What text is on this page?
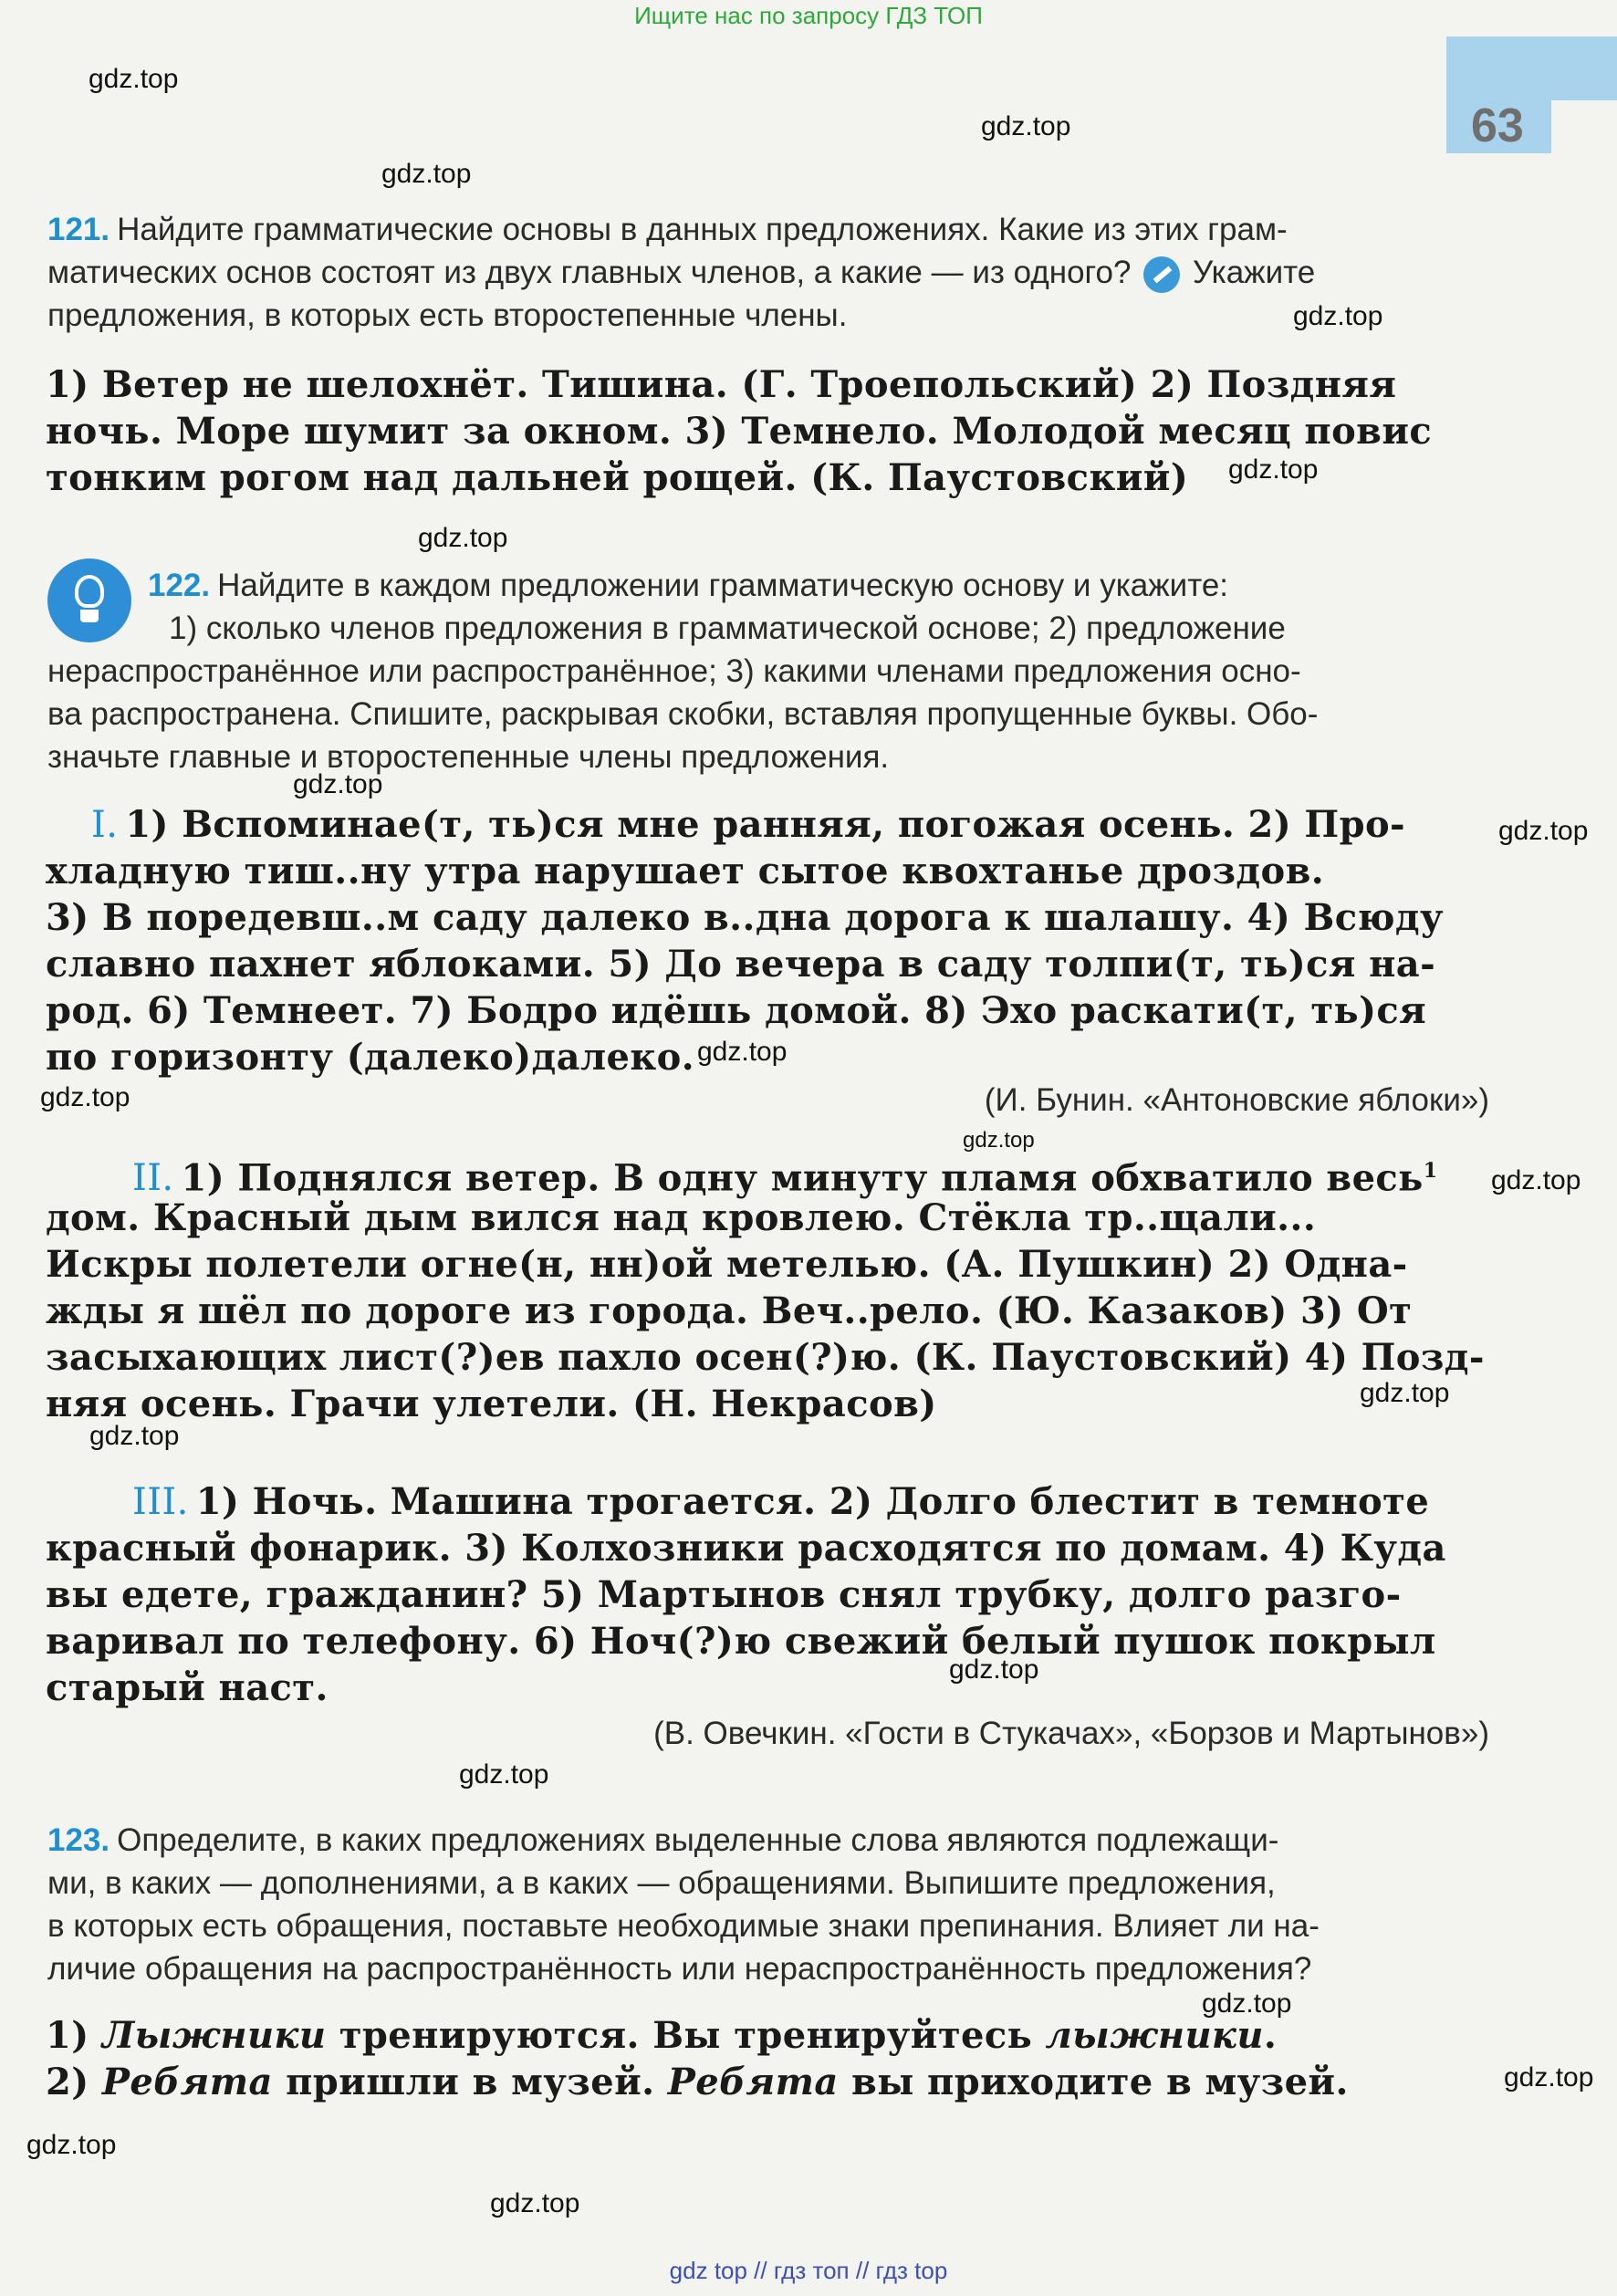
Ищите нас по запросу ГДЗ ТОП
63
gdz.top
gdz.top
gdz.top
gdz.top
gdz.top
gdz.top
gdz.top
gdz.top
gdz.top
gdz.top
gdz.top
gdz.top
gdz.top
gdz.top
gdz.top
gdz.top
gdz.top
gdz.top
gdz.top
gdz.top
121. Найдите грамматические основы в данных предложениях. Какие из этих грам-
матических основ состоят из двух главных членов, а какие — из одного? Укажите
предложения, в которых есть второстепенные члены.
1) Ветер не шелохнёт. Тишина. (Г. Троепольский) 2) Поздняя
ночь. Море шумит за окном. 3) Темнело. Молодой месяц повис
тонким рогом над дальней рощей. (К. Паустовский)
122. Найдите в каждом предложении грамматическую основу и укажите:
1) сколько членов предложения в грамматической основе; 2) предложение
нераспространённое или распространённое; 3) какими членами предложения осно-
ва распространена. Спишите, раскрывая скобки, вставляя пропущенные буквы. Обо-
значьте главные и второстепенные члены предложения.
I. 1) Вспоминае(т, ть)ся мне ранняя, погожая осень. 2) Про-
хладную тиш..ну утра нарушает сытое квохтанье дроздов.
3) В поредевш..м саду далеко в..дна дорога к шалашу. 4) Всюду
славно пахнет яблоками. 5) До вечера в саду толпи(т, ть)ся на-
род. 6) Темнеет. 7) Бодро идёшь домой. 8) Эхо раскати(т, ть)ся
по горизонту (далеко)далеко.
(И. Бунин. «Антоновские яблоки»)
II. 1) Поднялся ветер. В одну минуту пламя обхватило весь$^1$
дом. Красный дым вился над кровлею. Стёкла тр..щали...
Искры полетели огне(н, нн)ой метелью. (А. Пушкин) 2) Одна-
жды я шёл по дороге из города. Веч..рело. (Ю. Казаков) 3) От
засыхающих лист(?)ев пахло осен(?)ю. (К. Паустовский) 4) Позд-
няя осень. Грачи улетели. (Н. Некрасов)
III. 1) Ночь. Машина трогается. 2) Долго блестит в темноте
красный фонарик. 3) Колхозники расходятся по домам. 4) Куда
вы едете, гражданин? 5) Мартынов снял трубку, долго разго-
варивал по телефону. 6) Ноч(?)ю свежий белый пушок покрыл
старый наст.
(В. Овечкин. «Гости в Стукачах», «Борзов и Мартынов»)
123. Определите, в каких предложениях выделенные слова являются подлежащи-
ми, в каких — дополнениями, а в каких — обращениями. Выпишите предложения,
в которых есть обращения, поставьте необходимые знаки препинания. Влияет ли на-
личие обращения на распространённость или нераспространённость предложения?
1) Лыжники тренируются. Вы тренируйтесь лыжники.
2) Ребята пришли в музей. Ребята вы приходите в музей.
gdz top // гдз топ // гдз top
